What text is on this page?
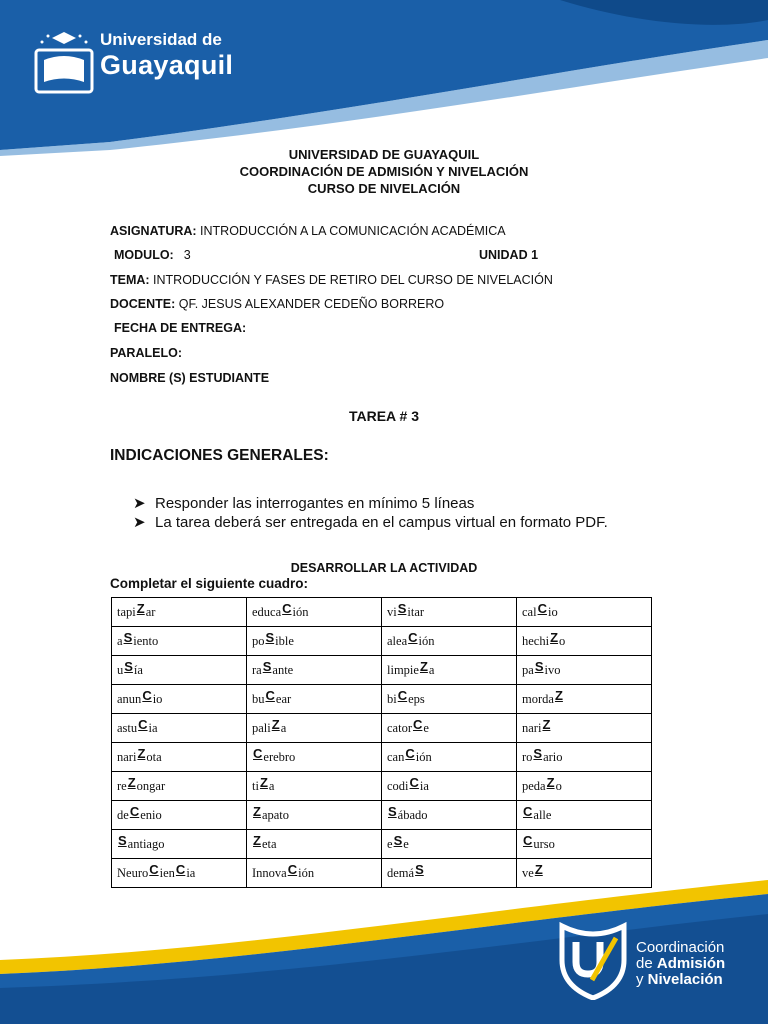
Universidad de
Guayaquil
UNIVERSIDAD DE GUAYAQUIL
COORDINACIÓN DE ADMISIÓN Y NIVELACIÓN
CURSO DE NIVELACIÓN
ASIGNATURA: INTRODUCCIÓN A LA COMUNICACIÓN ACADÉMICA
MODULO: 3	UNIDAD 1
TEMA: INTRODUCCIÓN Y FASES DE RETIRO DEL CURSO DE NIVELACIÓN
DOCENTE: QF. JESUS ALEXANDER CEDEÑO BORRERO
FECHA DE ENTREGA:
PARALELO:
NOMBRE (S) ESTUDIANTE
TAREA # 3
INDICACIONES GENERALES:
➤ Responder las interrogantes en mínimo 5 líneas
➤ La tarea deberá ser entregada en el campus virtual en formato PDF.
DESARROLLAR LA ACTIVIDAD
Completar el siguiente cuadro:
tapiZar	educaCión	viSitar	calCio
aSiento	poSible	aleaCión	hechiZo
uSía	raSante	limpieZa	paSivo
anunCio	buCear	biCeps	mordaZ
astuCia	paliZa	catorCe	nariZ
nariZota	Cerebro	canCión	roSario
reZongar	tiZa	codiCia	pedaZo
deCenio	Zapato	Sábado	Calle
Santiago	Zeta	eSe	Curso
NeuroCienCia	InnovaCión	demáS	veZ
Coordinación
de Admisión
y Nivelación
